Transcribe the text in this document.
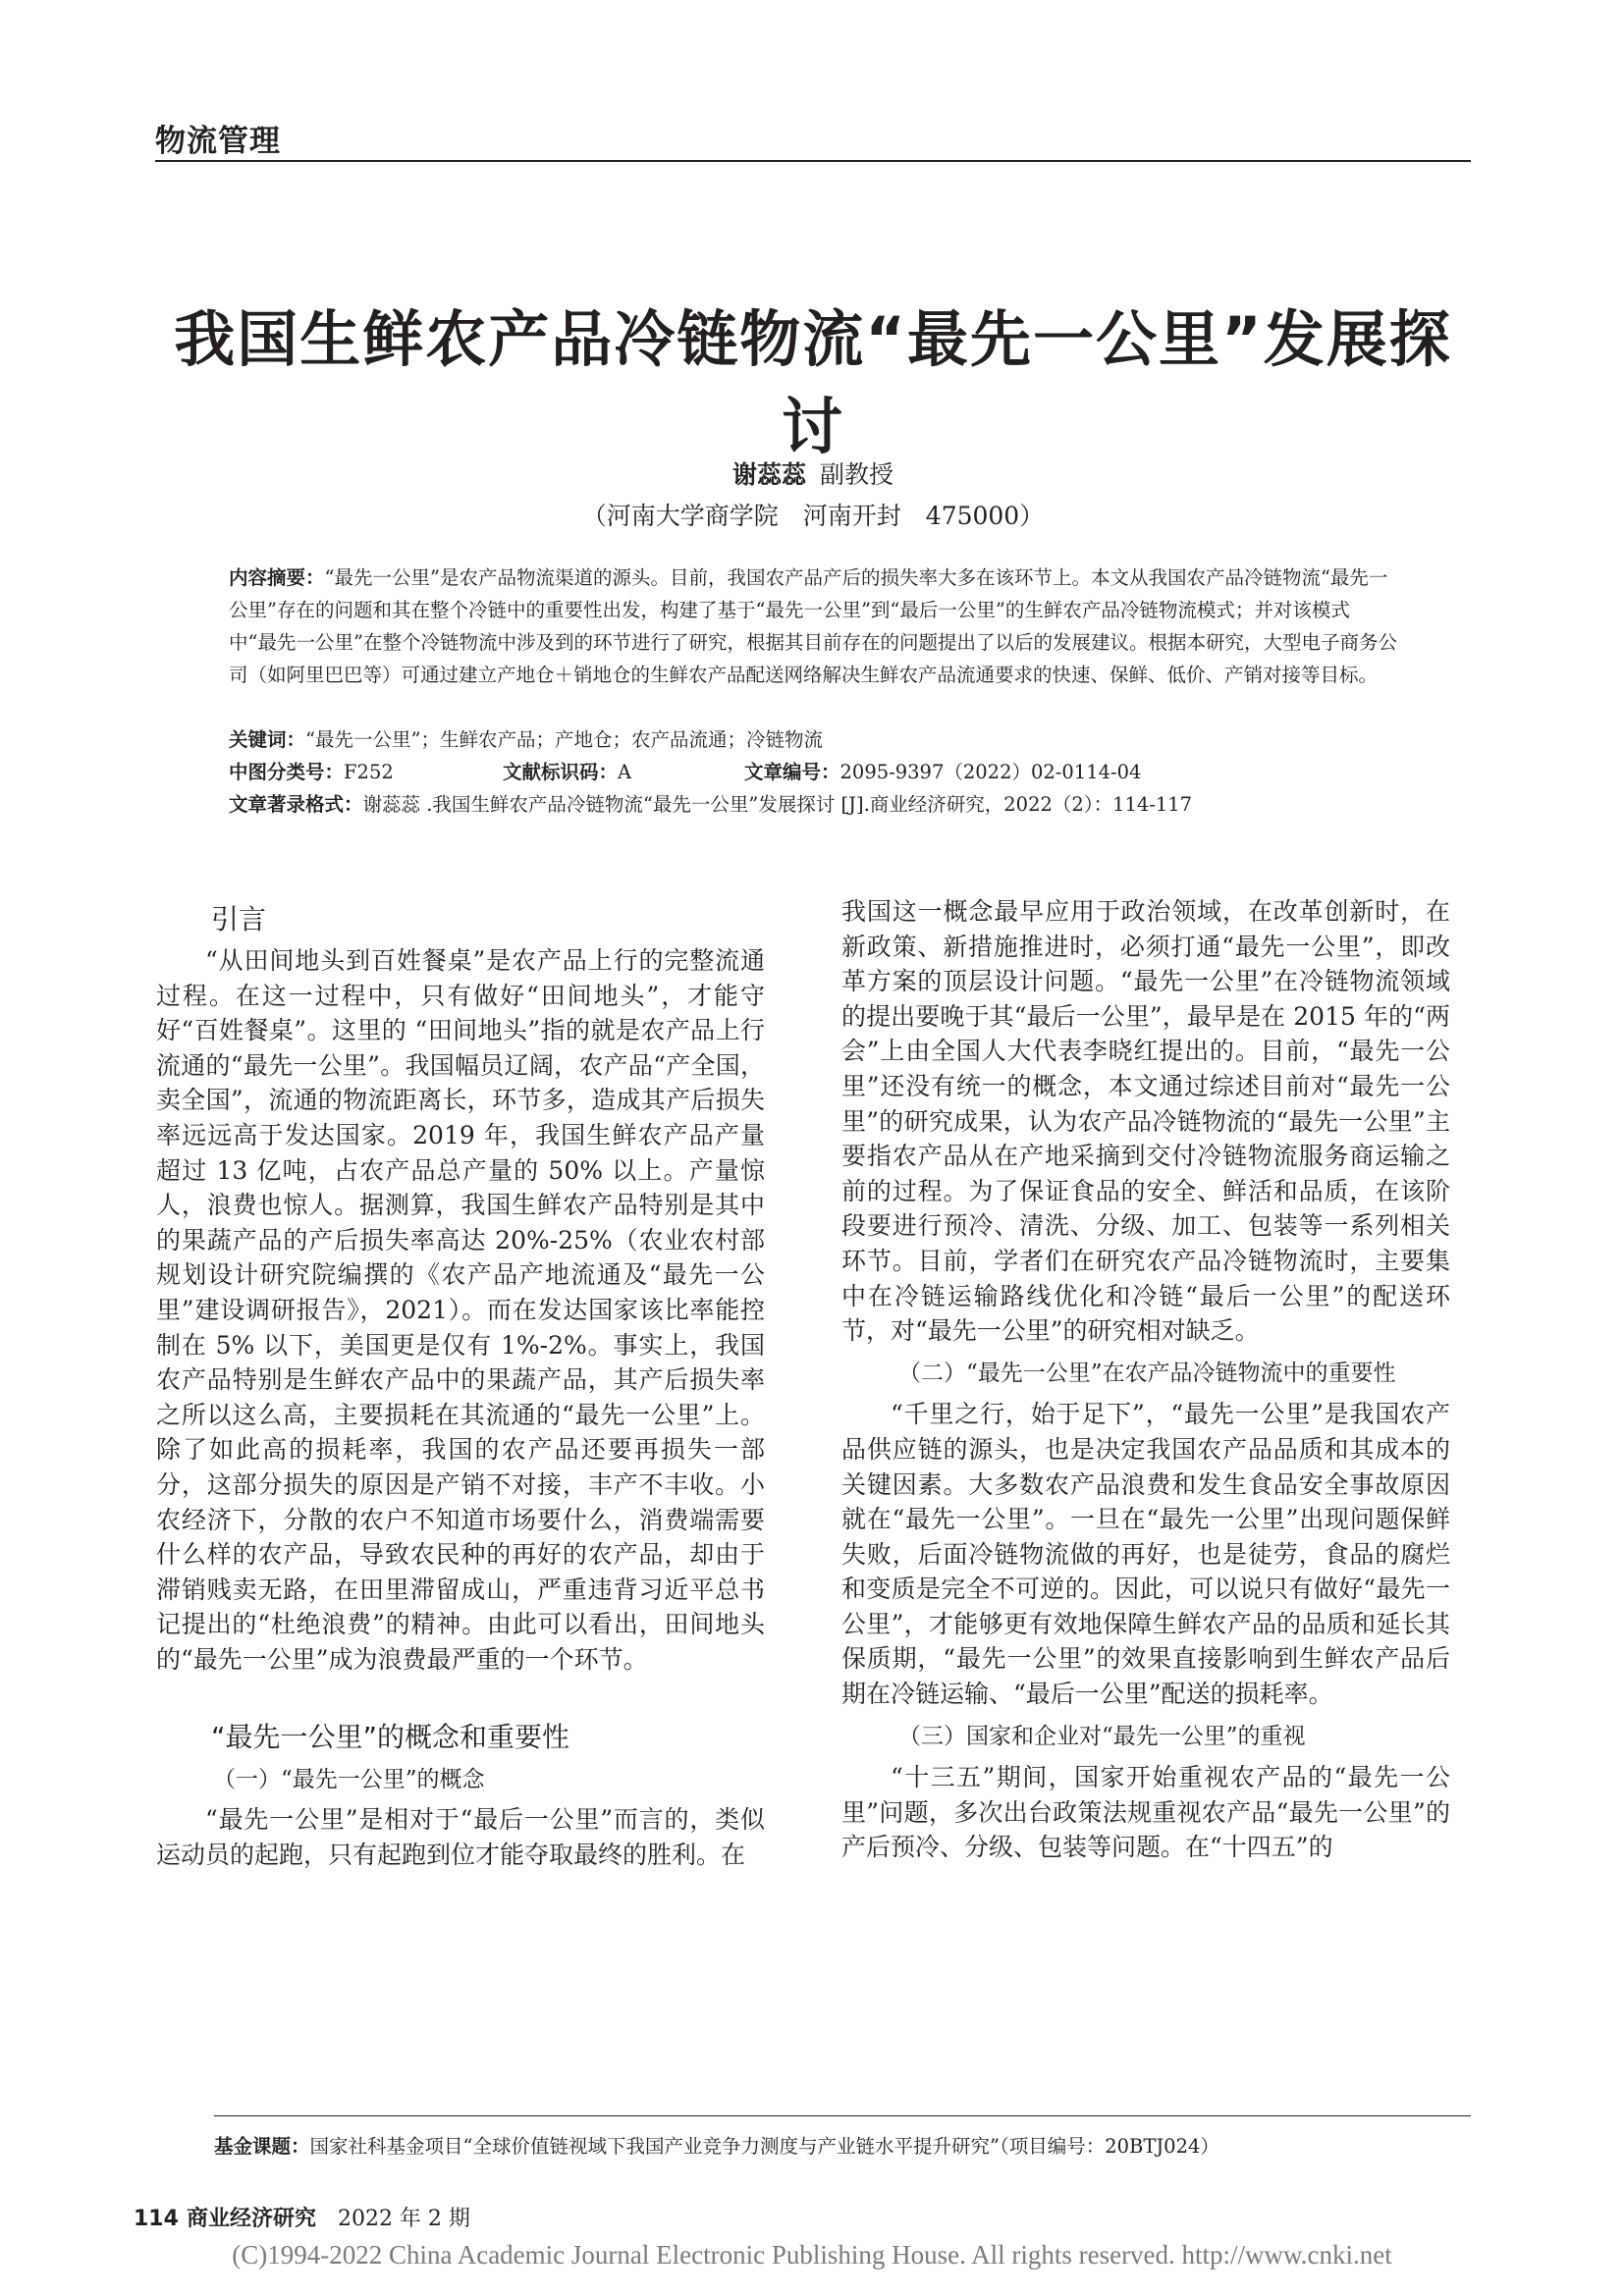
物流管理
我国生鲜农产品冷链物流“最先一公里”发展探讨
谢蕊蕊 副教授
（河南大学商学院　河南开封　475000）
内容摘要：“最先一公里”是农产品物流渠道的源头。目前，我国农产品产后的损失率大多在该环节上。本文从我国农产品冷链物流“最先一公里”存在的问题和其在整个冷链中的重要性出发，构建了基于“最先一公里”到“最后一公里”的生鲜农产品冷链物流模式；并对该模式中“最先一公里”在整个冷链物流中涉及到的环节进行了研究，根据其目前存在的问题提出了以后的发展建议。根据本研究，大型电子商务公司（如阿里巴巴等）可通过建立产地仓＋销地仓的生鲜农产品配送网络解决生鲜农产品流通要求的快速、保鲜、低价、产销对接等目标。
关键词：“最先一公里”；生鲜农产品；产地仓；农产品流通；冷链物流
中图分类号：F252	文献标识码：A	文章编号：2095-9397（2022）02-0114-04
文章著录格式：谢蕊蕊 .我国生鲜农产品冷链物流“最先一公里”发展探讨 [J].商业经济研究，2022（2）：114-117
引言

“从田间地头到百姓餐桌”是农产品上行的完整流通过程。在这一过程中，只有做好“田间地头”，才能守好“百姓餐桌”。这里的 “田间地头”指的就是农产品上行流通的“最先一公里”。我国幅员辽阔，农产品“产全国，卖全国”，流通的物流距离长，环节多，造成其产后损失率远远高于发达国家。2019 年，我国生鲜农产品产量超过 13 亿吨，占农产品总产量的 50% 以上。产量惊人，浪费也惊人。据测算，我国生鲜农产品特别是其中的果蔬产品的产后损失率高达 20%-25%（农业农村部规划设计研究院编撰的《农产品产地流通及“最先一公里”建设调研报告》，2021）。而在发达国家该比率能控制在 5% 以下，美国更是仅有 1%-2%。事实上，我国农产品特别是生鲜农产品中的果蔬产品，其产后损失率之所以这么高，主要损耗在其流通的“最先一公里”上。除了如此高的损耗率，我国的农产品还要再损失一部分，这部分损失的原因是产销不对接，丰产不丰收。小农经济下，分散的农户不知道市场要什么，消费端需要什么样的农产品，导致农民种的再好的农产品，却由于滞销贱卖无路，在田里滞留成山，严重违背习近平总书记提出的“杜绝浪费”的精神。由此可以看出，田间地头的“最先一公里”成为浪费最严重的一个环节。

“最先一公里”的概念和重要性
（一）“最先一公里”的概念

“最先一公里”是相对于“最后一公里”而言的，类似运动员的起跑，只有起跑到位才能夺取最终的胜利。在

我国这一概念最早应用于政治领域，在改革创新时，在新政策、新措施推进时，必须打通“最先一公里”，即改革方案的顶层设计问题。“最先一公里”在冷链物流领域的提出要晚于其“最后一公里”，最早是在 2015 年的“两会”上由全国人大代表李晓红提出的。目前，“最先一公里”还没有统一的概念，本文通过综述目前对“最先一公里”的研究成果，认为农产品冷链物流的“最先一公里”主要指农产品从在产地采摘到交付冷链物流服务商运输之前的过程。为了保证食品的安全、鲜活和品质，在该阶段要进行预冷、清洗、分级、加工、包装等一系列相关环节。目前，学者们在研究农产品冷链物流时，主要集中在冷链运输路线优化和冷链“最后一公里”的配送环节，对“最先一公里”的研究相对缺乏。

（二）“最先一公里”在农产品冷链物流中的重要性

“千里之行，始于足下”，“最先一公里”是我国农产品供应链的源头，也是决定我国农产品品质和其成本的关键因素。大多数农产品浪费和发生食品安全事故原因就在“最先一公里”。一旦在“最先一公里”出现问题保鲜失败，后面冷链物流做的再好，也是徒劳，食品的腐烂和变质是完全不可逆的。因此，可以说只有做好“最先一公里”，才能够更有效地保障生鲜农产品的品质和延长其保质期，“最先一公里”的效果直接影响到生鲜农产品后期在冷链运输、“最后一公里”配送的损耗率。

（三）国家和企业对“最先一公里”的重视

“十三五”期间，国家开始重视农产品的“最先一公里”问题，多次出台政策法规重视农产品“最先一公里”的产后预冷、分级、包装等问题。在“十四五”的

基金课题：国家社科基金项目“全球价值链视域下我国产业竞争力测度与产业链水平提升研究”（项目编号：20BTJ024）
114 商业经济研究 2022 年 2 期
(C)1994-2022 China Academic Journal Electronic Publishing House. All rights reserved. http://www.cnki.net
